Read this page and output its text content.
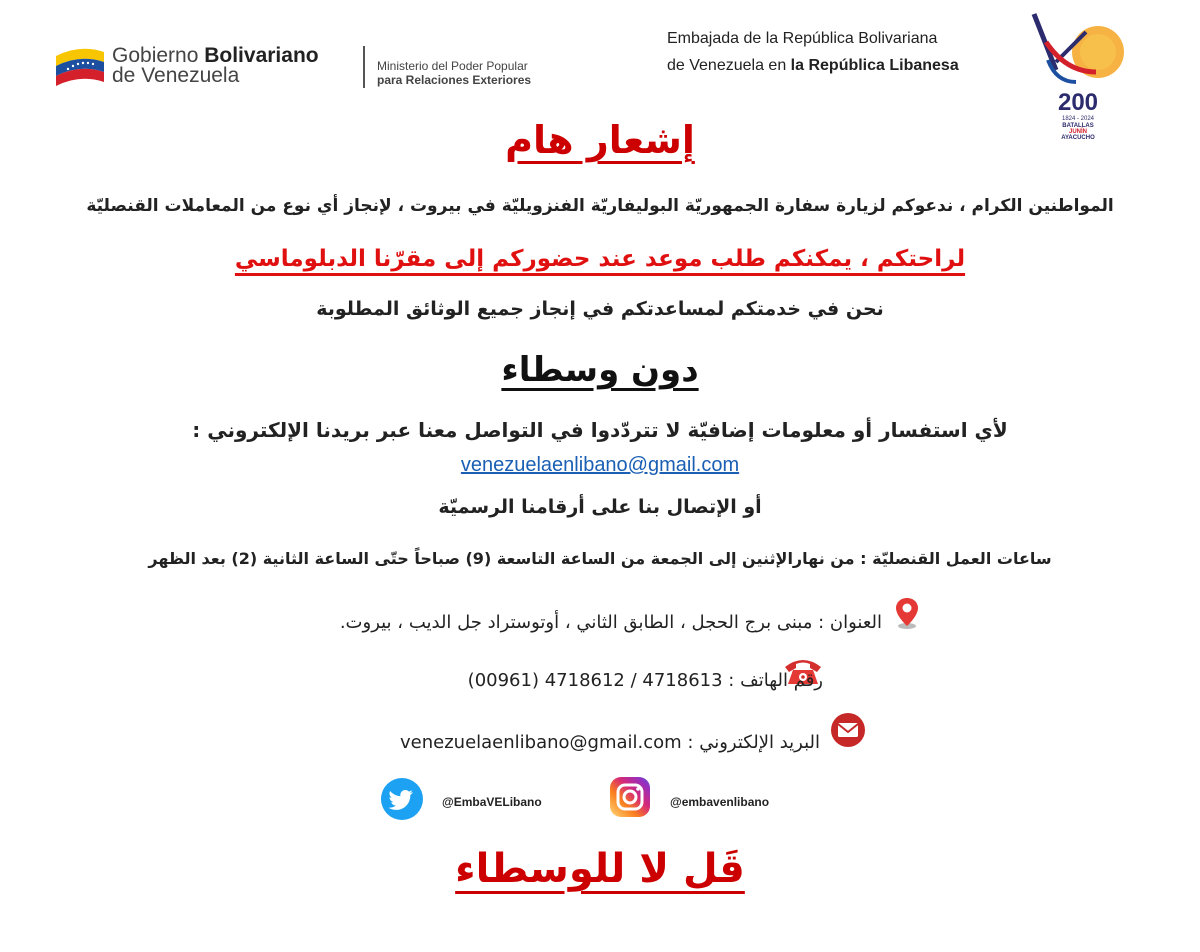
Gobierno Bolivariano
de Venezuela	Ministerio del Poder Popular
para Relaciones Exteriores
Embajada de la República Bolivariana
de Venezuela en la República Libanesa
200
1824 - 2024
BATALLAS
JUNÍN
AYACUCHO
إشعار هام
المواطنين الكرام ، ندعوكم لزيارة سفارة الجمهوريّة البوليفاريّة الفنزويليّة في بيروت ، لإنجاز أي نوع من المعاملات القنصليّة
لراحتكم ، يمكنكم طلب موعد عند حضوركم إلى مقرّنا الدبلوماسي
نحن في خدمتكم لمساعدتكم في إنجاز جميع الوثائق المطلوبة
دون وسطاء
لأي استفسار أو معلومات إضافيّة لا تتردّدوا في التواصل معنا عبر بريدنا الإلكتروني :
venezuelaenlibano@gmail.com
أو الإتصال بنا على أرقامنا الرسميّة
ساعات العمل القنصليّة : من نهارالإثنين إلى الجمعة من الساعة التاسعة (9) صباحاً حتّى الساعة الثانية (2) بعد الظهر
العنوان : مبنى برج الحجل ، الطابق الثاني ، أوتوستراد جل الديب ، بيروت.
رقم الهاتف : 4718613 / 4718612 (00961)
البريد الإلكتروني : venezuelaenlibano@gmail.com
@EmbaVELibano	@embavenlibano
قَل لا للوسطاء
